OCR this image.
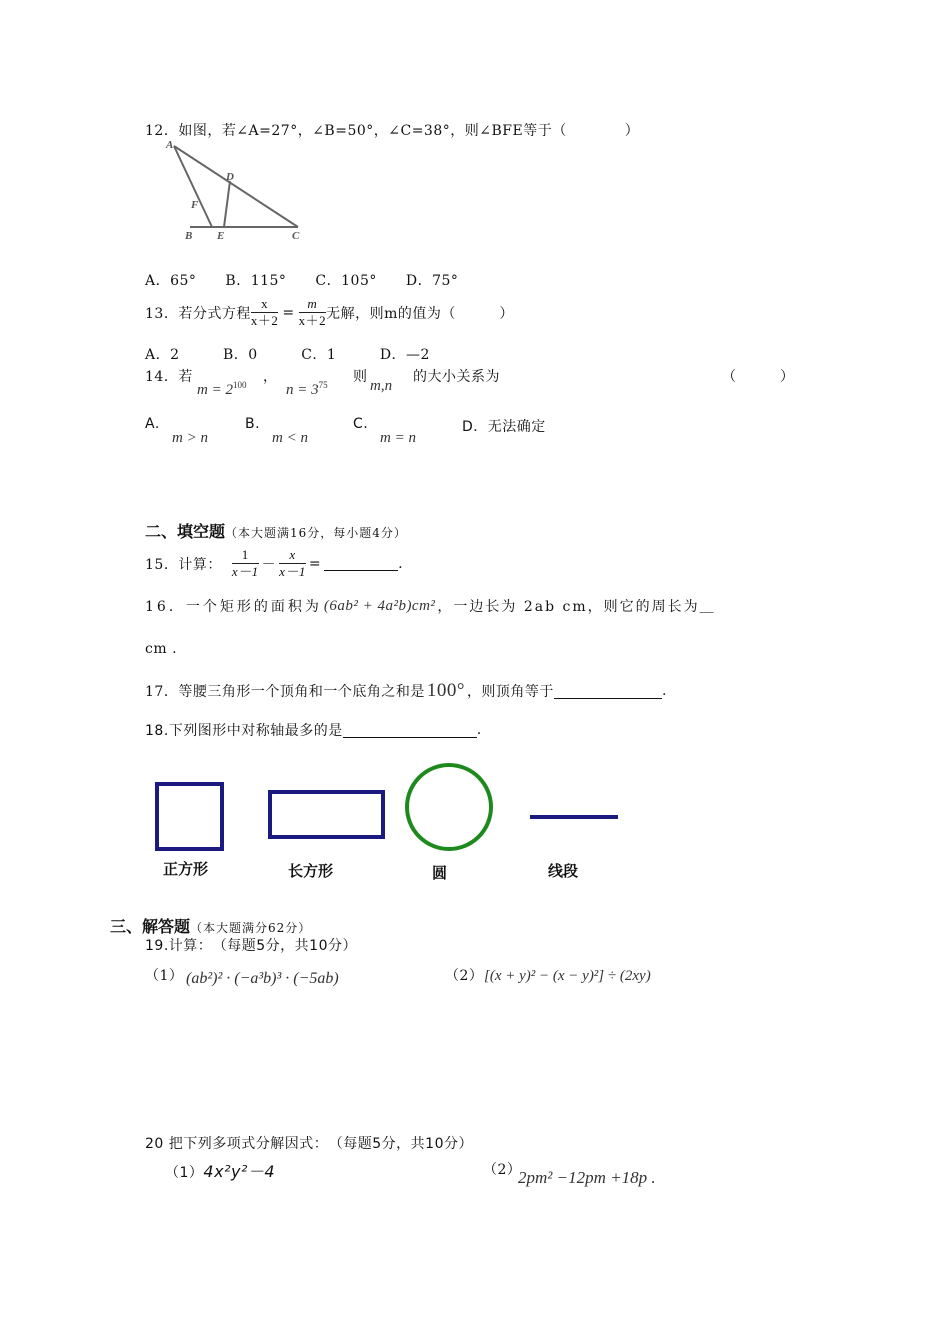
12．如图，若∠A=27°，∠B=50°，∠C=38°，则∠BFE等于（　　　　）
A
D
F
B E	C
A．65°　　B．115°　　C．105°　　D．75°
13．若分式方程 $\frac{x}{x+2} = \frac{m}{x+2}$ 无解，则m的值为（　　　）
A．2　　　B．0　　　C．1　　　D．—2
14．若
$m = 2^{100}$ ，
$n = 3^{75}$ 则
m,n
的大小关系为	（　　　）
A.
m > n
B.
m < n
C.
m = n
D．无法确定
二、填空题（本大题满16分，每小题4分）
15．计算： $\frac{1}{x-1} - \frac{x}{x-1}$ =	.
16．一个矩形的面积为 (6ab² + 4a²b)cm² ，一边长为 2ab cm，则它的周长为＿
cm .
17．等腰三角形一个顶角和一个底角之和是 100° ，则顶角等于	.
18.下列图形中对称轴最多的是	.
正方形	长方形	圆	线段
三、解答题（本大题满分62分）
19.计算：　（每题5分，共10分）
（1） (ab²)² · (−a³b)³ · (−5ab)	（2） [(x + y)² − (x − y)²] ÷ (2xy)
20 把下列多项式分解因式：　（每题5分，共10分）
（1）4x²y²－4	（2）
2pm² −12pm +18p .
